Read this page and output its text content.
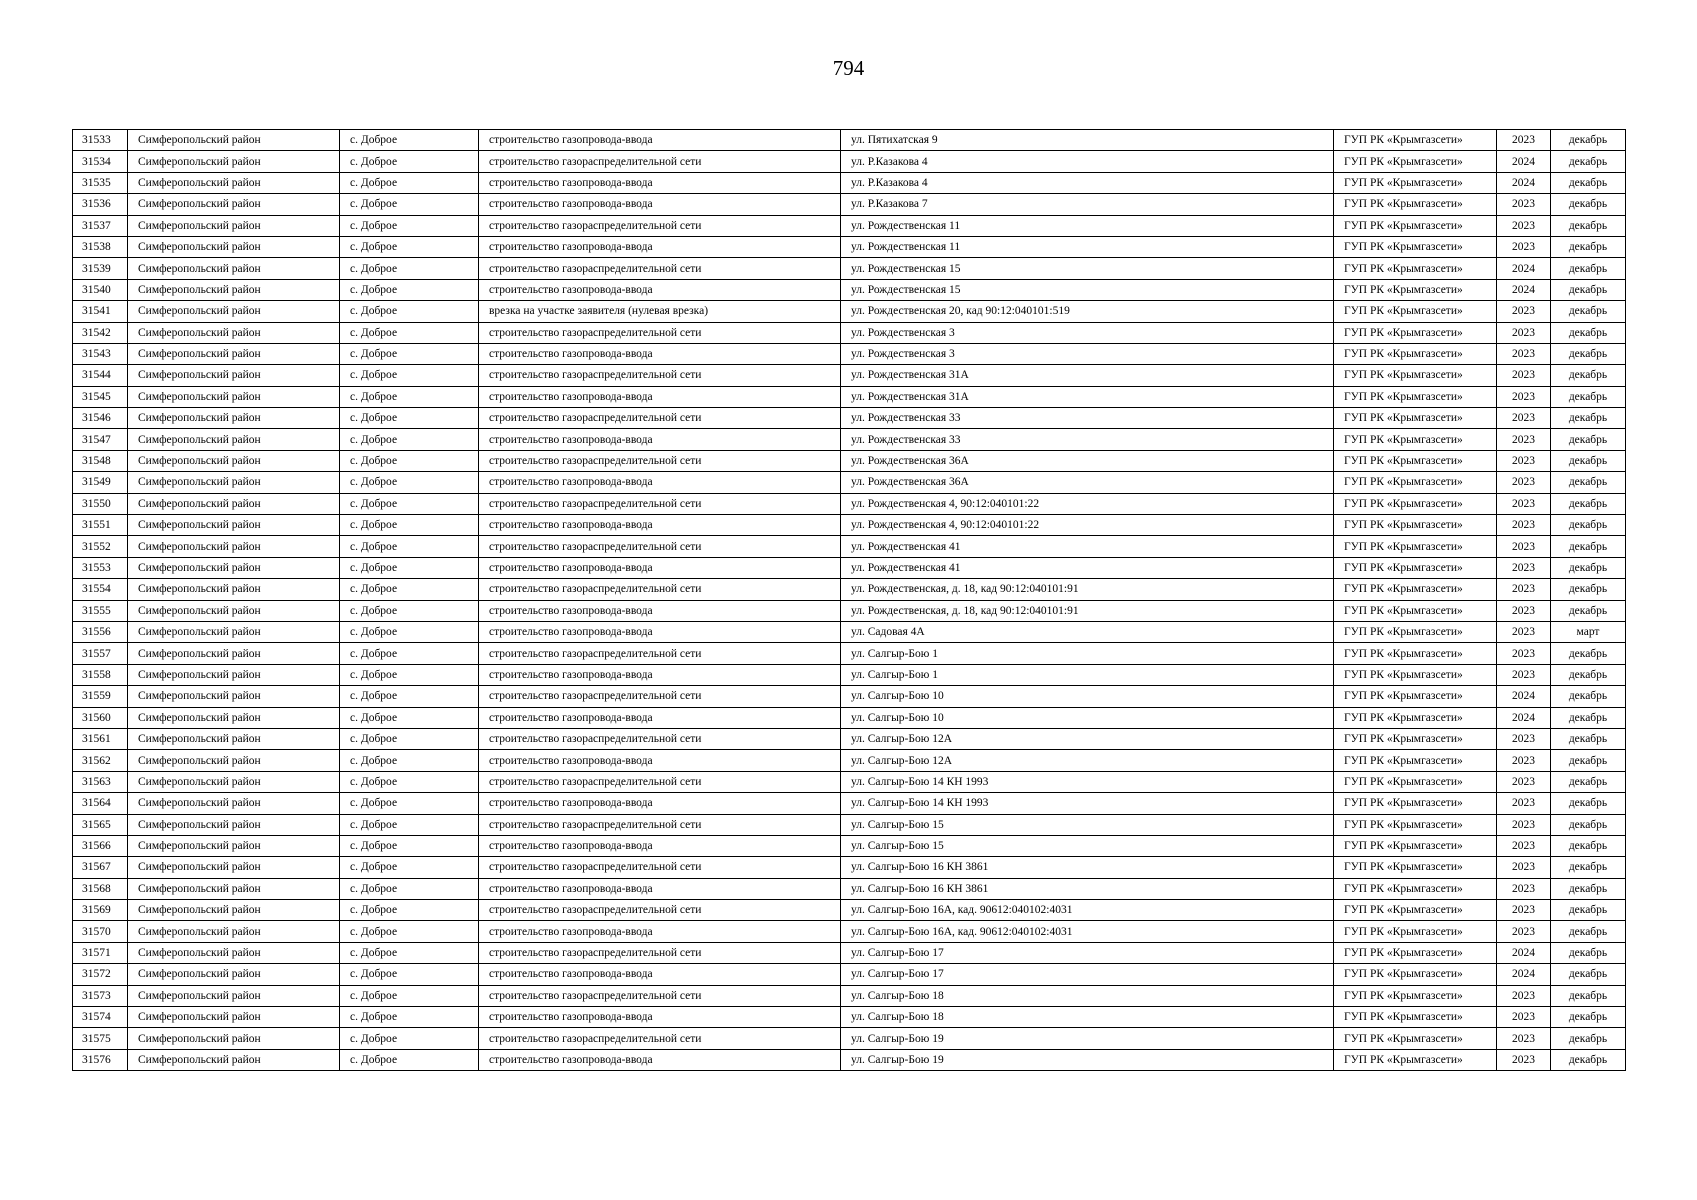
794
31533	Симферопольский район	с. Доброе	строительство газопровода-ввода	ул. Пятихатская 9	ГУП РК «Крымгазсети»	2023	декабрь
31534	Симферопольский район	с. Доброе	строительство газораспределительной сети	ул. Р.Казакова 4	ГУП РК «Крымгазсети»	2024	декабрь
31535	Симферопольский район	с. Доброе	строительство газопровода-ввода	ул. Р.Казакова 4	ГУП РК «Крымгазсети»	2024	декабрь
31536	Симферопольский район	с. Доброе	строительство газопровода-ввода	ул. Р.Казакова 7	ГУП РК «Крымгазсети»	2023	декабрь
31537	Симферопольский район	с. Доброе	строительство газораспределительной сети	ул. Рождественская 11	ГУП РК «Крымгазсети»	2023	декабрь
31538	Симферопольский район	с. Доброе	строительство газопровода-ввода	ул. Рождественская 11	ГУП РК «Крымгазсети»	2023	декабрь
31539	Симферопольский район	с. Доброе	строительство газораспределительной сети	ул. Рождественская 15	ГУП РК «Крымгазсети»	2024	декабрь
31540	Симферопольский район	с. Доброе	строительство газопровода-ввода	ул. Рождественская 15	ГУП РК «Крымгазсети»	2024	декабрь
31541	Симферопольский район	с. Доброе	врезка на участке заявителя (нулевая врезка)	ул. Рождественская 20, кад 90:12:040101:519	ГУП РК «Крымгазсети»	2023	декабрь
31542	Симферопольский район	с. Доброе	строительство газораспределительной сети	ул. Рождественская 3	ГУП РК «Крымгазсети»	2023	декабрь
31543	Симферопольский район	с. Доброе	строительство газопровода-ввода	ул. Рождественская 3	ГУП РК «Крымгазсети»	2023	декабрь
31544	Симферопольский район	с. Доброе	строительство газораспределительной сети	ул. Рождественская 31А	ГУП РК «Крымгазсети»	2023	декабрь
31545	Симферопольский район	с. Доброе	строительство газопровода-ввода	ул. Рождественская 31А	ГУП РК «Крымгазсети»	2023	декабрь
31546	Симферопольский район	с. Доброе	строительство газораспределительной сети	ул. Рождественская 33	ГУП РК «Крымгазсети»	2023	декабрь
31547	Симферопольский район	с. Доброе	строительство газопровода-ввода	ул. Рождественская 33	ГУП РК «Крымгазсети»	2023	декабрь
31548	Симферопольский район	с. Доброе	строительство газораспределительной сети	ул. Рождественская 36А	ГУП РК «Крымгазсети»	2023	декабрь
31549	Симферопольский район	с. Доброе	строительство газопровода-ввода	ул. Рождественская 36А	ГУП РК «Крымгазсети»	2023	декабрь
31550	Симферопольский район	с. Доброе	строительство газораспределительной сети	ул. Рождественская 4, 90:12:040101:22	ГУП РК «Крымгазсети»	2023	декабрь
31551	Симферопольский район	с. Доброе	строительство газопровода-ввода	ул. Рождественская 4, 90:12:040101:22	ГУП РК «Крымгазсети»	2023	декабрь
31552	Симферопольский район	с. Доброе	строительство газораспределительной сети	ул. Рождественская 41	ГУП РК «Крымгазсети»	2023	декабрь
31553	Симферопольский район	с. Доброе	строительство газопровода-ввода	ул. Рождественская 41	ГУП РК «Крымгазсети»	2023	декабрь
31554	Симферопольский район	с. Доброе	строительство газораспределительной сети	ул. Рождественская, д. 18, кад 90:12:040101:91	ГУП РК «Крымгазсети»	2023	декабрь
31555	Симферопольский район	с. Доброе	строительство газопровода-ввода	ул. Рождественская, д. 18, кад 90:12:040101:91	ГУП РК «Крымгазсети»	2023	декабрь
31556	Симферопольский район	с. Доброе	строительство газопровода-ввода	ул. Садовая 4А	ГУП РК «Крымгазсети»	2023	март
31557	Симферопольский район	с. Доброе	строительство газораспределительной сети	ул. Салгыр-Бою 1	ГУП РК «Крымгазсети»	2023	декабрь
31558	Симферопольский район	с. Доброе	строительство газопровода-ввода	ул. Салгыр-Бою 1	ГУП РК «Крымгазсети»	2023	декабрь
31559	Симферопольский район	с. Доброе	строительство газораспределительной сети	ул. Салгыр-Бою 10	ГУП РК «Крымгазсети»	2024	декабрь
31560	Симферопольский район	с. Доброе	строительство газопровода-ввода	ул. Салгыр-Бою 10	ГУП РК «Крымгазсети»	2024	декабрь
31561	Симферопольский район	с. Доброе	строительство газораспределительной сети	ул. Салгыр-Бою 12А	ГУП РК «Крымгазсети»	2023	декабрь
31562	Симферопольский район	с. Доброе	строительство газопровода-ввода	ул. Салгыр-Бою 12А	ГУП РК «Крымгазсети»	2023	декабрь
31563	Симферопольский район	с. Доброе	строительство газораспределительной сети	ул. Салгыр-Бою 14 КН 1993	ГУП РК «Крымгазсети»	2023	декабрь
31564	Симферопольский район	с. Доброе	строительство газопровода-ввода	ул. Салгыр-Бою 14 КН 1993	ГУП РК «Крымгазсети»	2023	декабрь
31565	Симферопольский район	с. Доброе	строительство газораспределительной сети	ул. Салгыр-Бою 15	ГУП РК «Крымгазсети»	2023	декабрь
31566	Симферопольский район	с. Доброе	строительство газопровода-ввода	ул. Салгыр-Бою 15	ГУП РК «Крымгазсети»	2023	декабрь
31567	Симферопольский район	с. Доброе	строительство газораспределительной сети	ул. Салгыр-Бою 16 КН 3861	ГУП РК «Крымгазсети»	2023	декабрь
31568	Симферопольский район	с. Доброе	строительство газопровода-ввода	ул. Салгыр-Бою 16 КН 3861	ГУП РК «Крымгазсети»	2023	декабрь
31569	Симферопольский район	с. Доброе	строительство газораспределительной сети	ул. Салгыр-Бою 16А, кад. 90612:040102:4031	ГУП РК «Крымгазсети»	2023	декабрь
31570	Симферопольский район	с. Доброе	строительство газопровода-ввода	ул. Салгыр-Бою 16А, кад. 90612:040102:4031	ГУП РК «Крымгазсети»	2023	декабрь
31571	Симферопольский район	с. Доброе	строительство газораспределительной сети	ул. Салгыр-Бою 17	ГУП РК «Крымгазсети»	2024	декабрь
31572	Симферопольский район	с. Доброе	строительство газопровода-ввода	ул. Салгыр-Бою 17	ГУП РК «Крымгазсети»	2024	декабрь
31573	Симферопольский район	с. Доброе	строительство газораспределительной сети	ул. Салгыр-Бою 18	ГУП РК «Крымгазсети»	2023	декабрь
31574	Симферопольский район	с. Доброе	строительство газопровода-ввода	ул. Салгыр-Бою 18	ГУП РК «Крымгазсети»	2023	декабрь
31575	Симферопольский район	с. Доброе	строительство газораспределительной сети	ул. Салгыр-Бою 19	ГУП РК «Крымгазсети»	2023	декабрь
31576	Симферопольский район	с. Доброе	строительство газопровода-ввода	ул. Салгыр-Бою 19	ГУП РК «Крымгазсети»	2023	декабрь
